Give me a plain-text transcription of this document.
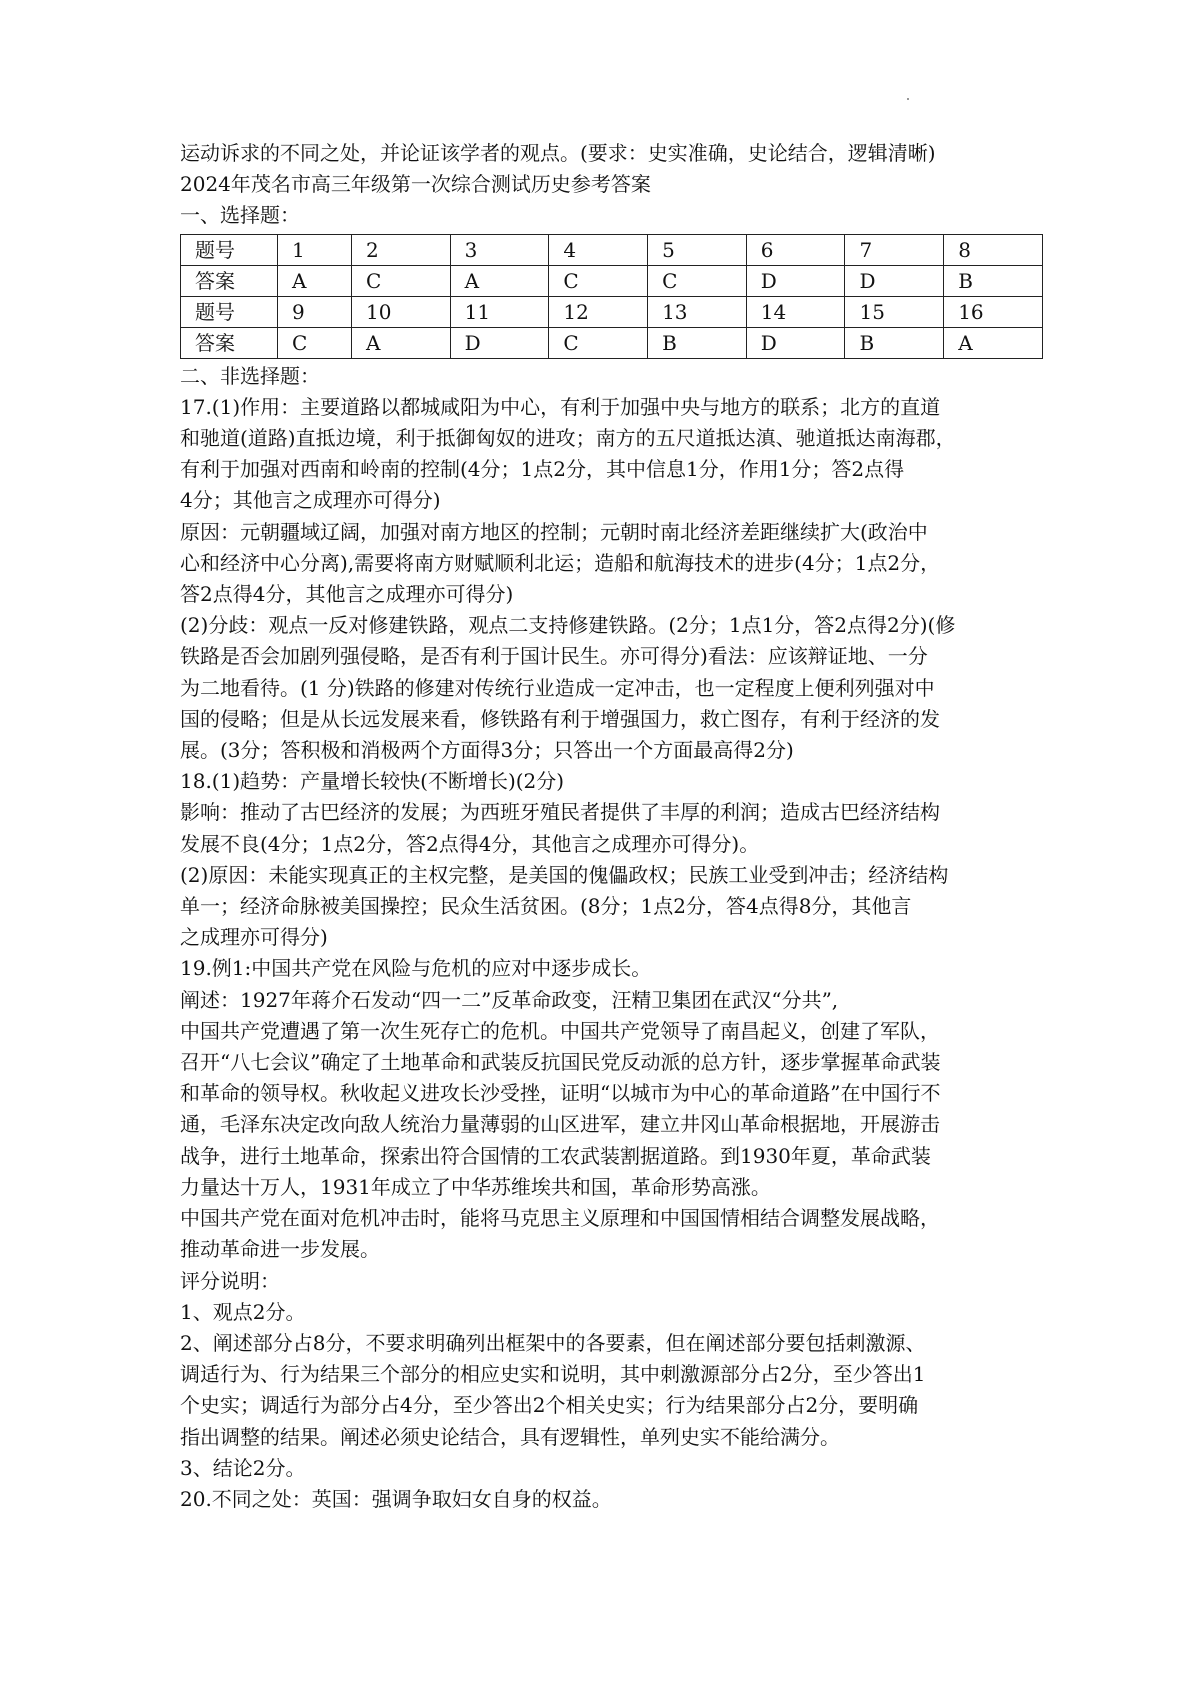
运动诉求的不同之处，并论证该学者的观点。(要求：史实准确，史论结合，逻辑清晰)
2024年茂名市高三年级第一次综合测试历史参考答案
一、选择题：
题号	1	2	3	4	5	6	7	8
答案	A	C	A	C	C	D	D	B
题号	9	10	11	12	13	14	15	16
答案	C	A	D	C	B	D	B	A
二、非选择题：
17.(1)作用：主要道路以都城咸阳为中心，有利于加强中央与地方的联系；北方的直道
和驰道(道路)直抵边境，利于抵御匈奴的进攻；南方的五尺道抵达滇、驰道抵达南海郡，
有利于加强对西南和岭南的控制(4分；1点2分，其中信息1分，作用1分；答2点得
4分；其他言之成理亦可得分)
原因：元朝疆域辽阔，加强对南方地区的控制；元朝时南北经济差距继续扩大(政治中
心和经济中心分离),需要将南方财赋顺利北运；造船和航海技术的进步(4分；1点2分，
答2点得4分，其他言之成理亦可得分)
(2)分歧：观点一反对修建铁路，观点二支持修建铁路。(2分；1点1分，答2点得2分)(修
铁路是否会加剧列强侵略，是否有利于国计民生。亦可得分)看法：应该辩证地、一分
为二地看待。(1 分)铁路的修建对传统行业造成一定冲击，也一定程度上便利列强对中
国的侵略；但是从长远发展来看，修铁路有利于增强国力，救亡图存，有利于经济的发
展。(3分；答积极和消极两个方面得3分；只答出一个方面最高得2分)
18.(1)趋势：产量增长较快(不断增长)(2分)
影响：推动了古巴经济的发展；为西班牙殖民者提供了丰厚的利润；造成古巴经济结构
发展不良(4分；1点2分，答2点得4分，其他言之成理亦可得分)。
(2)原因：未能实现真正的主权完整，是美国的傀儡政权；民族工业受到冲击；经济结构
单一；经济命脉被美国操控；民众生活贫困。(8分；1点2分，答4点得8分，其他言
之成理亦可得分)
19.例1:中国共产党在风险与危机的应对中逐步成长。
阐述：1927年蒋介石发动“四一二”反革命政变，汪精卫集团在武汉“分共”,
中国共产党遭遇了第一次生死存亡的危机。中国共产党领导了南昌起义，创建了军队，
召开“八七会议”确定了土地革命和武装反抗国民党反动派的总方针，逐步掌握革命武装
和革命的领导权。秋收起义进攻长沙受挫，证明“以城市为中心的革命道路”在中国行不
通，毛泽东决定改向敌人统治力量薄弱的山区进军，建立井冈山革命根据地，开展游击
战争，进行土地革命，探索出符合国情的工农武装割据道路。到1930年夏，革命武装
力量达十万人，1931年成立了中华苏维埃共和国，革命形势高涨。
中国共产党在面对危机冲击时，能将马克思主义原理和中国国情相结合调整发展战略，
推动革命进一步发展。
评分说明：
1、观点2分。
2、阐述部分占8分，不要求明确列出框架中的各要素，但在阐述部分要包括刺激源、
调适行为、行为结果三个部分的相应史实和说明，其中刺激源部分占2分，至少答出1
个史实；调适行为部分占4分，至少答出2个相关史实；行为结果部分占2分，要明确
指出调整的结果。阐述必须史论结合，具有逻辑性，单列史实不能给满分。
3、结论2分。
20.不同之处：英国：强调争取妇女自身的权益。
